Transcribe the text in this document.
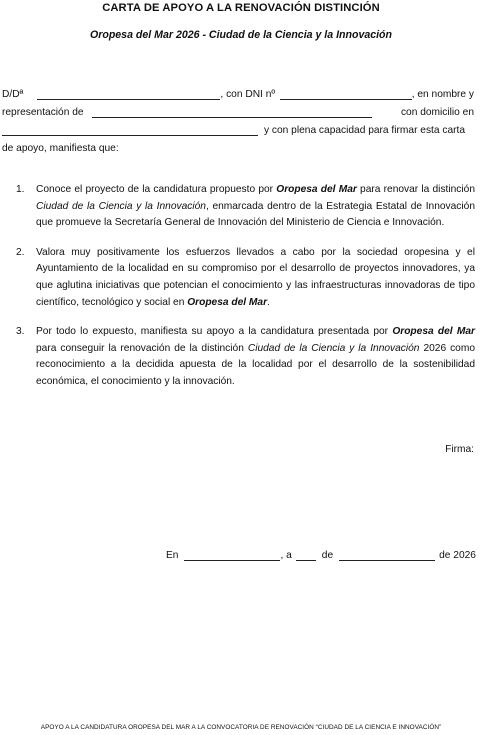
CARTA DE APOYO A LA RENOVACIÓN DISTINCIÓN
Oropesa del Mar 2026 - Ciudad de la Ciencia y la Innovación
D/Dª	, con DNI nº	, en nombre y
representación de	con domicilio en
y con plena capacidad para firmar esta carta
de apoyo, manifiesta que:
1.	Conoce el proyecto de la candidatura propuesto por Oropesa del Mar para renovar la distinción Ciudad de la Ciencia y la Innovación, enmarcada dentro de la Estrategia Estatal de Innovación que promueve la Secretaría General de Innovación del Ministerio de Ciencia e Innovación.
2.	Valora muy positivamente los esfuerzos llevados a cabo por la sociedad oropesina y el Ayuntamiento de la localidad en su compromiso por el desarrollo de proyectos innovadores, ya que aglutina iniciativas que potencian el conocimiento y las infraestructuras innovadoras de tipo científico, tecnológico y social en Oropesa del Mar.
3.	Por todo lo expuesto, manifiesta su apoyo a la candidatura presentada por Oropesa del Mar para conseguir la renovación de la distinción Ciudad de la Ciencia y la Innovación 2026 como reconocimiento a la decidida apuesta de la localidad por el desarrollo de la sostenibilidad económica, el conocimiento y la innovación.
Firma:
En	, a	de	de 2026
APOYO A LA CANDIDATURA OROPESA DEL MAR A LA CONVOCATORIA DE RENOVACIÓN “CIUDAD DE LA CIENCIA E INNOVACIÓN”
